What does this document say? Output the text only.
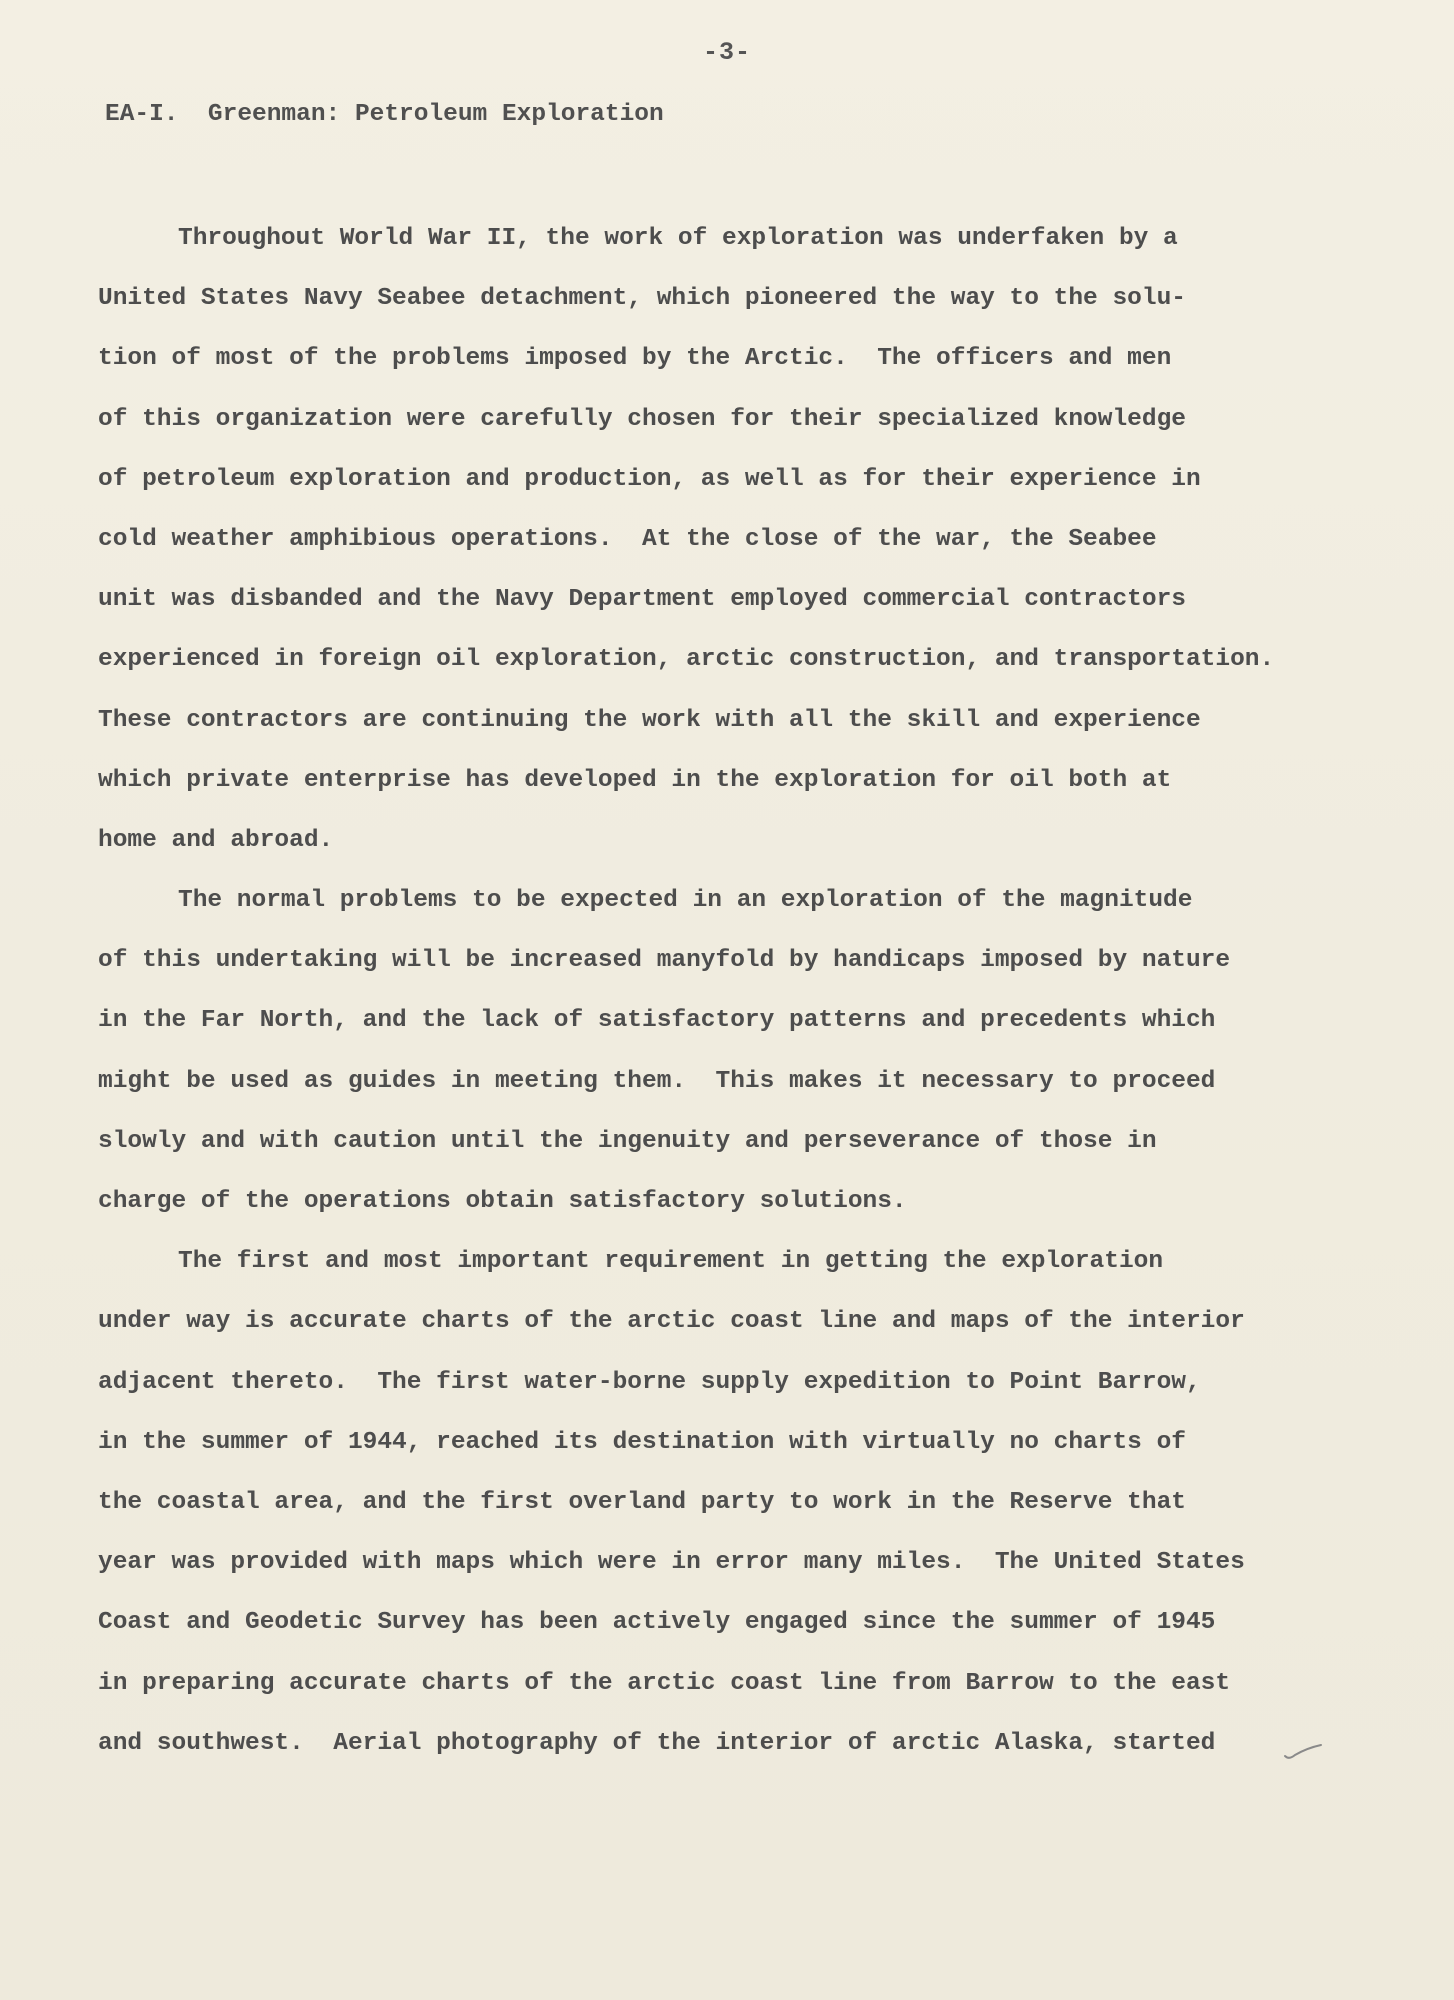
-3-
EA-I.  Greenman: Petroleum Exploration
Throughout World War II, the work of exploration was underfaken by a
United States Navy Seabee detachment, which pioneered the way to the solu-
tion of most of the problems imposed by the Arctic.  The officers and men
of this organization were carefully chosen for their specialized knowledge
of petroleum exploration and production, as well as for their experience in
cold weather amphibious operations.  At the close of the war, the Seabee
unit was disbanded and the Navy Department employed commercial contractors
experienced in foreign oil exploration, arctic construction, and transportation.
These contractors are continuing the work with all the skill and experience
which private enterprise has developed in the exploration for oil both at
home and abroad.
The normal problems to be expected in an exploration of the magnitude
of this undertaking will be increased manyfold by handicaps imposed by nature
in the Far North, and the lack of satisfactory patterns and precedents which
might be used as guides in meeting them.  This makes it necessary to proceed
slowly and with caution until the ingenuity and perseverance of those in
charge of the operations obtain satisfactory solutions.
The first and most important requirement in getting the exploration
under way is accurate charts of the arctic coast line and maps of the interior
adjacent thereto.  The first water-borne supply expedition to Point Barrow,
in the summer of 1944, reached its destination with virtually no charts of
the coastal area, and the first overland party to work in the Reserve that
year was provided with maps which were in error many miles.  The United States
Coast and Geodetic Survey has been actively engaged since the summer of 1945
in preparing accurate charts of the arctic coast line from Barrow to the east
and southwest.  Aerial photography of the interior of arctic Alaska, started
